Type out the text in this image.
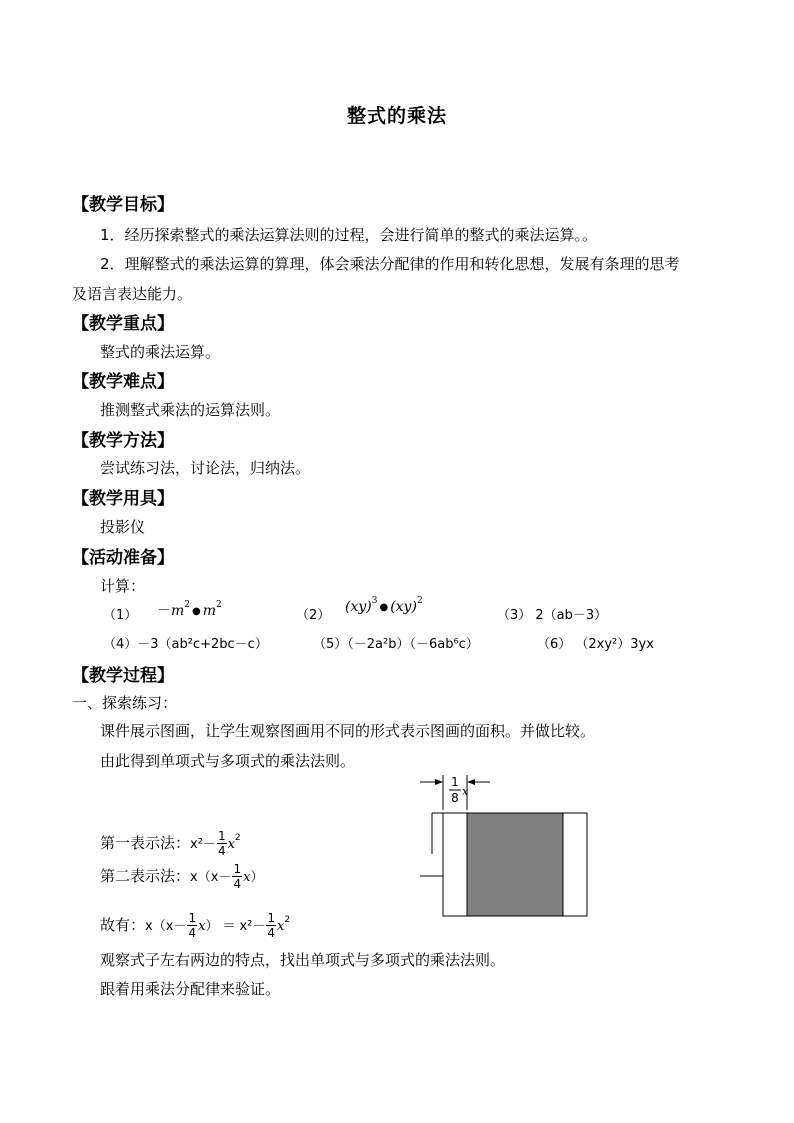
整式的乘法
【教学目标】
1．经历探索整式的乘法运算法则的过程，会进行简单的整式的乘法运算。。
2．理解整式的乘法运算的算理，体会乘法分配律的作用和转化思想，发展有条理的思考
及语言表达能力。
【教学重点】
整式的乘法运算。
【教学难点】
推测整式乘法的运算法则。
【教学方法】
尝试练习法，讨论法，归纳法。
【教学用具】
投影仪
【活动准备】
计算：
$(1) -m^2●$ $m^2$
（2）
(xy)$^3$● (xy)$^2$
（3） 2（ab－3）
（4）－3（ab²c+2bc－c）	（5）（－2a²b）（－6ab⁶c）	（6） （2xy²）3yx
【教学过程】
一、探索练习：
课件展示图画，让学生观察图画用不同的形式表示图画的面积。并做比较。
由此得到单项式与多项式的乘法法则。
第一表示法：$x^2- \frac{1}{4} x^2$
第二表示法：$x(x- \frac{1}{4} x)$
故有：$x(x- \frac{1}{4} x) = x^2- \frac{1}{4} x^2$
观察式子左右两边的特点，找出单项式与多项式的乘法法则。
跟着用乘法分配律来验证。
1
8 x
